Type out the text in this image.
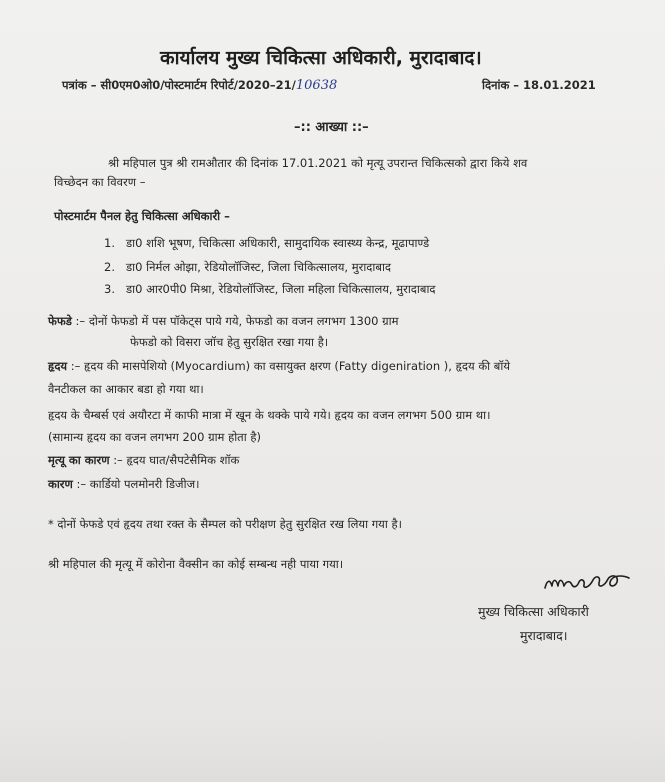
कार्यालय मुख्य चिकित्सा अधिकारी, मुरादाबाद।
पत्रांक – सी0एम0ओ0/पोस्टमार्टम रिपोर्ट/2020–21/10638	दिनांक – 18.01.2021
–:: आख्या ::–
श्री महिपाल पुत्र श्री रामऔतार की दिनांक 17.01.2021 को मृत्यू उपरान्त चिकित्सको द्वारा किये शव
विच्छेदन का विवरण –
पोस्टमार्टम पैनल हेतु चिकित्सा अधिकारी –
1. डा0 शशि भूषण, चिकित्सा अधिकारी, सामुदायिक स्वास्थ्य केन्द्र, मूढापाण्डे
2. डा0 निर्मल ओझा, रेडियोलॉजिस्ट, जिला चिकित्सालय, मुरादाबाद
3. डा0 आर0पी0 मिश्रा, रेडियोलॉजिस्ट, जिला महिला चिकित्सालय, मुरादाबाद
फेफडे :– दोनों फेफडो में पस पॉकेट्स पाये गये, फेफडो का वजन लगभग 1300 ग्राम
फेफडो को विसरा जॉच हेतु सुरक्षित रखा गया है।
हृदय :– हृदय की मासपेशियो (Myocardium) का वसायुक्त क्षरण (Fatty digeniration ), हृदय की बॉये
वैनटीकल का आकार बडा हो गया था।
हृदय के चैम्बर्स एवं अयौरटा में काफी मात्रा में खून के थक्के पाये गये। हृदय का वजन लगभग 500 ग्राम था।
(सामान्य हृदय का वजन लगभग 200 ग्राम होता है)
मृत्यू का कारण :– हृदय घात/सैपटेसैमिक शॉक
कारण :– कार्डियो पलमोनरी डिजीज।
* दोनों फेफडे एवं हृदय तथा रक्त के सैम्पल को परीक्षण हेतु सुरक्षित रख लिया गया है।
श्री महिपाल की मृत्यू में कोरोना वैक्सीन का कोई सम्बन्ध नही पाया गया।
मुख्य चिकित्सा अधिकारी
मुरादाबाद।
